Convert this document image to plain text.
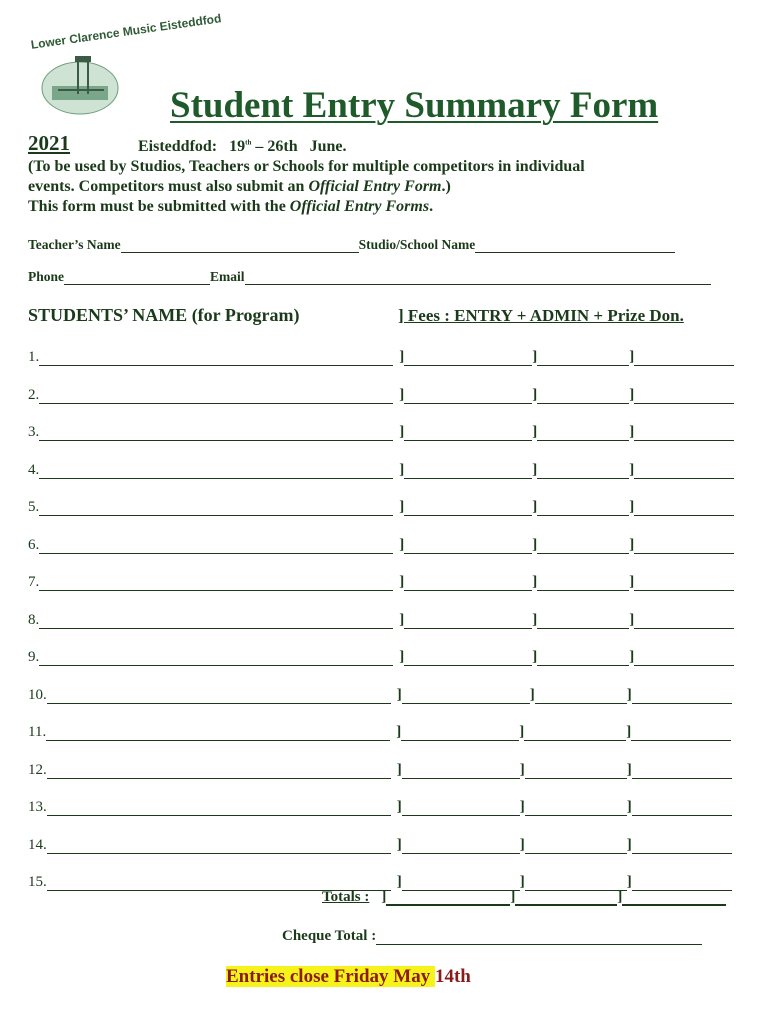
Lower Clarence Music Eisteddfod
Student Entry Summary Form
2021	Eisteddfod: 19th – 26th June.
(To be used by Studios, Teachers or Schools for multiple competitors in individual
events. Competitors must also submit an Official Entry Form.)
This form must be submitted with the Official Entry Forms.
Teacher’s Name	Studio/School Name
Phone	Email
STUDENTS’ NAME (for Program)	] Fees : ENTRY + ADMIN + Prize Don.
1.	]	]	]
2.	]	]	]
3.	]	]	]
4.	]	]	]
5.	]	]	]
6.	]	]	]
7.	]	]	]
8.	]	]	]
9.	]	]	]
10.	]	]	]
11.	]	]	]
12.	]	]	]
13.	]	]	]
14.	]	]	]
15.	]	]	]
Totals : ]	]	]
Cheque Total :
Entries close Friday May 14th
